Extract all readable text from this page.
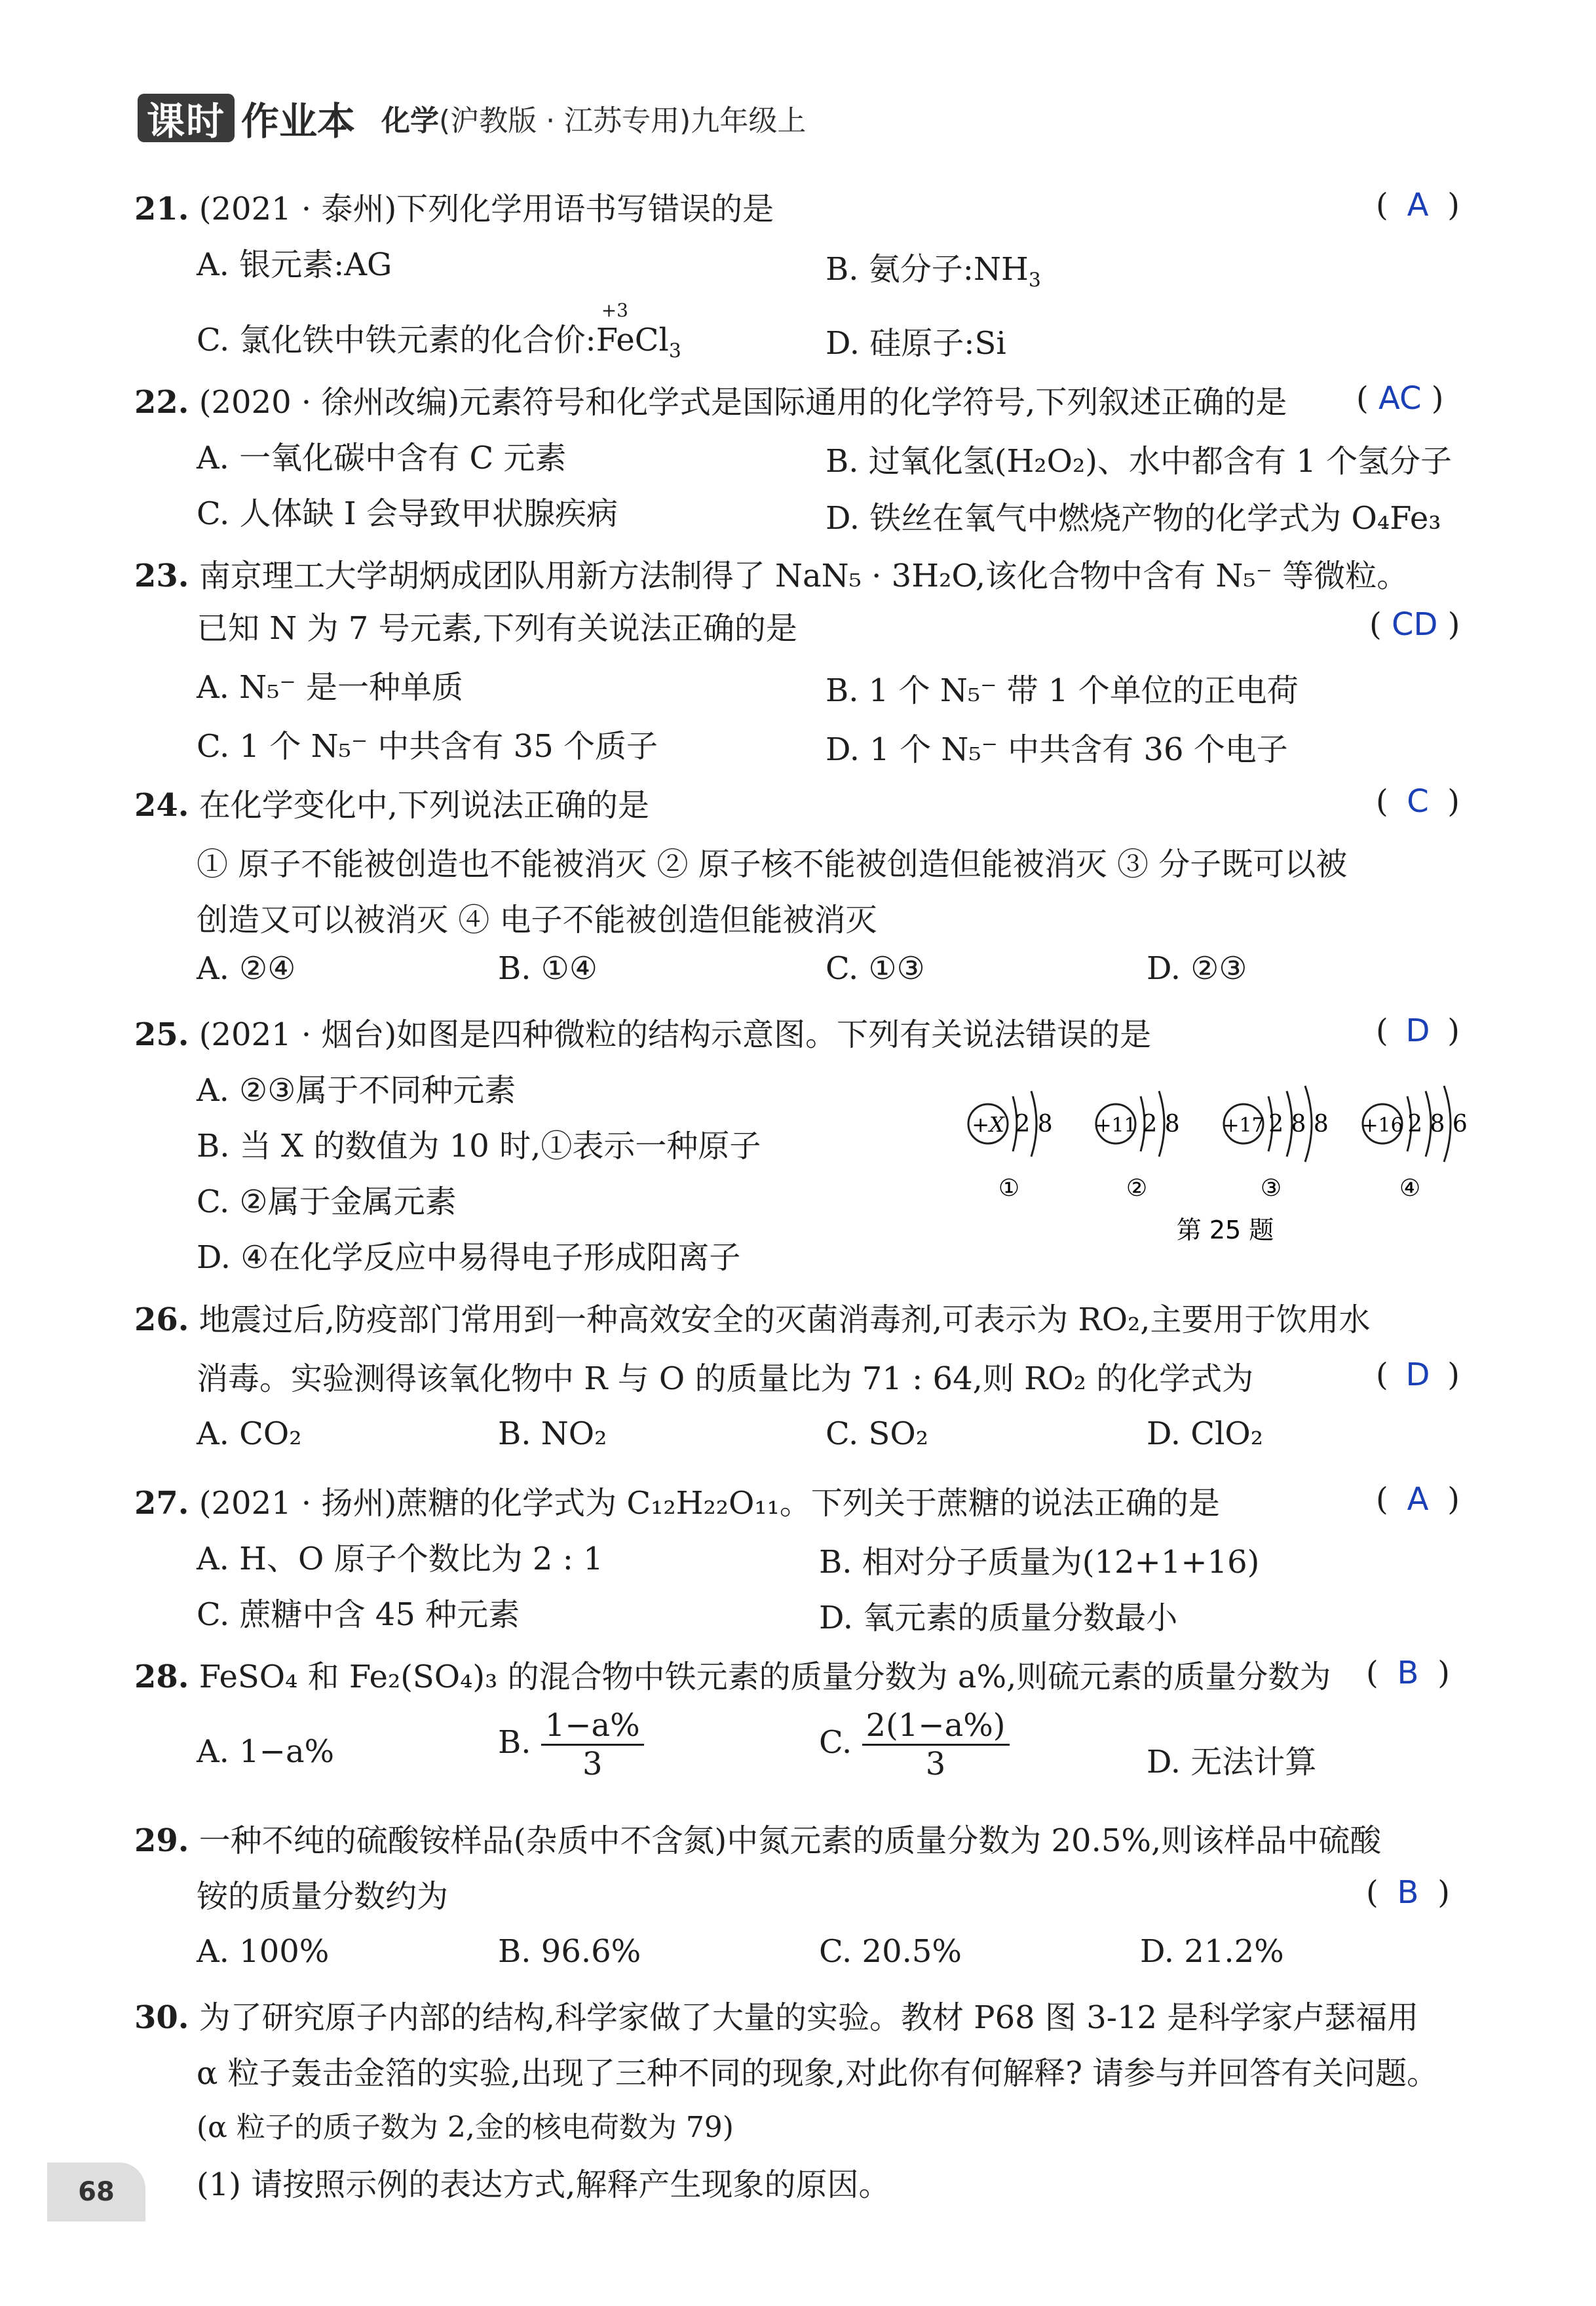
课时 作业本 化学(沪教版 · 江苏专用)九年级上
21. (2021 · 泰州)下列化学用语书写错误的是	( A )
A. 银元素:AG	B. 氨分子$:NH_3$
C. 氯化铁中铁元素的化合价:
+3
FeCl$_3$	D. 硅原子:Si
22. (2020 · 徐州改编)元素符号和化学式是国际通用的化学符号,下列叙述正确的是 ( AC )
A. 一氧化碳中含有 C 元素	B. 过氧化氢(H₂O₂)、水中都含有 1 个氢分子
C. 人体缺 I 会导致甲状腺疾病	D. 铁丝在氧气中燃烧产物的化学式为 O₄Fe₃
23. 南京理工大学胡炳成团队用新方法制得了 NaN₅ · 3H₂O,该化合物中含有 N₅⁻ 等微粒。
已知 N 为 7 号元素,下列有关说法正确的是	( CD )
A. N₅⁻ 是一种单质	B. 1 个 N₅⁻ 带 1 个单位的正电荷
C. 1 个 N₅⁻ 中共含有 35 个质子	D. 1 个 N₅⁻ 中共含有 36 个电子
24. 在化学变化中,下列说法正确的是	( C )
① 原子不能被创造也不能被消灭 ② 原子核不能被创造但能被消灭 ③ 分子既可以被
创造又可以被消灭 ④ 电子不能被创造但能被消灭
A. ②④	B. ①④	C. ①③	D. ②③
25. (2021 · 烟台)如图是四种微粒的结构示意图。下列有关说法错误的是	( D )
A. ②③属于不同种元素
B. 当 X 的数值为 10 时,①表示一种原子
C. ②属于金属元素
D. ④在化学反应中易得电子形成阳离子
+X 2 8
①
+11 2 8
②
+17 2 8 8
③
+16 2 8 6
④
第 25 题
26. 地震过后,防疫部门常用到一种高效安全的灭菌消毒剂,可表示为 RO₂,主要用于饮用水
消毒。实验测得该氧化物中 R 与 O 的质量比为 71 : 64,则 RO₂ 的化学式为	( D )
A. CO₂	B. NO₂	C. SO₂	D. ClO₂
27. (2021 · 扬州)蔗糖的化学式为 C₁₂H₂₂O₁₁。下列关于蔗糖的说法正确的是	( A )
A. H、O 原子个数比为 2 : 1	B. 相对分子质量为(12+1+16)
C. 蔗糖中含 45 种元素	D. 氧元素的质量分数最小
28. FeSO₄ 和 Fe₂(SO₄)₃ 的混合物中铁元素的质量分数为 a%,则硫元素的质量分数为 ( B )
A. 1−a%	B. $\frac{1-a\%}{3}$	C. $\frac{2(1-a\%)}{3}$	D. 无法计算
29. 一种不纯的硫酸铵样品(杂质中不含氮)中氮元素的质量分数为 20.5%,则该样品中硫酸
铵的质量分数约为	( B )
A. 100%	B. 96.6%	C. 20.5%	D. 21.2%
30. 为了研究原子内部的结构,科学家做了大量的实验。教材 P68 图 3-12 是科学家卢瑟福用
α 粒子轰击金箔的实验,出现了三种不同的现象,对此你有何解释? 请参与并回答有关问题。
(α 粒子的质子数为 2,金的核电荷数为 79)
(1) 请按照示例的表达方式,解释产生现象的原因。
68
